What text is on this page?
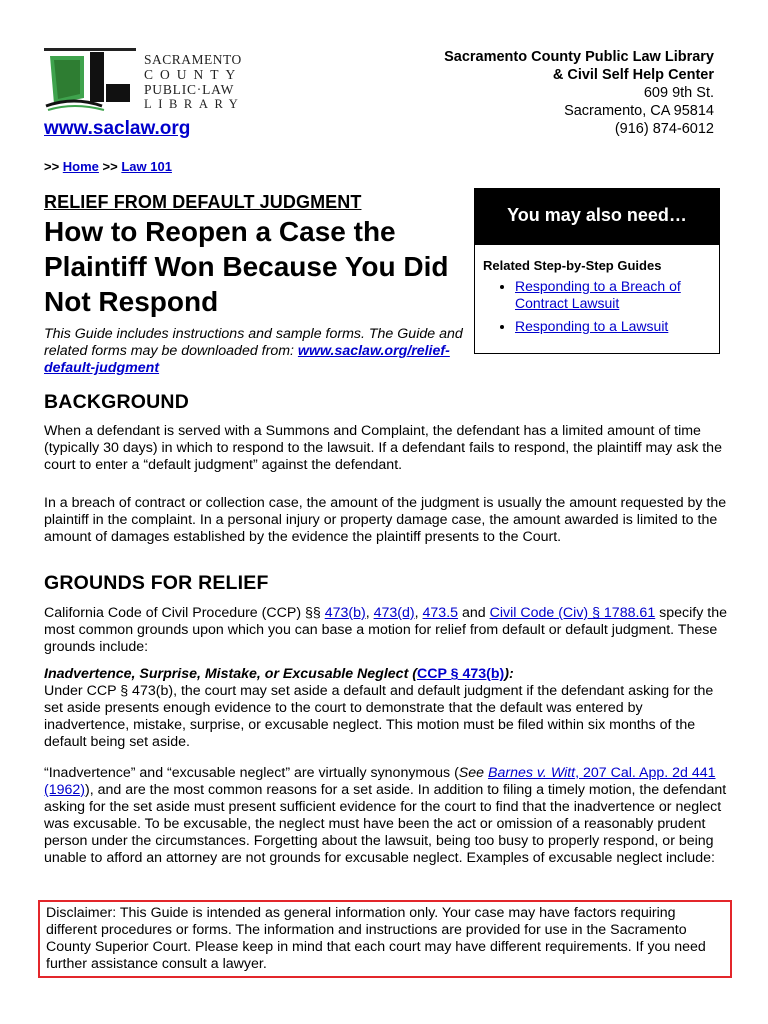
SACRAMENTO
COUNTY
PUBLIC·LAW
LIBRARY
www.saclaw.org
Sacramento County Public Law Library
& Civil Self Help Center
609 9th St.
Sacramento, CA 95814
(916) 874-6012
>> Home >> Law 101
RELIEF FROM DEFAULT JUDGMENT
How to Reopen a Case the Plaintiff Won Because You Did Not Respond
This Guide includes instructions and sample forms. The Guide and related forms may be downloaded from: www.saclaw.org/relief-default-judgment
You may also need…
Related Step-by-Step Guides
• Responding to a Breach of Contract Lawsuit
• Responding to a Lawsuit
BACKGROUND

When a defendant is served with a Summons and Complaint, the defendant has a limited amount of time (typically 30 days) in which to respond to the lawsuit. If a defendant fails to respond, the plaintiff may ask the court to enter a “default judgment” against the defendant.

In a breach of contract or collection case, the amount of the judgment is usually the amount requested by the plaintiff in the complaint. In a personal injury or property damage case, the amount awarded is limited to the amount of damages established by the evidence the plaintiff presents to the Court.

GROUNDS FOR RELIEF

California Code of Civil Procedure (CCP) §§ 473(b), 473(d), 473.5 and Civil Code (Civ) § 1788.61 specify the most common grounds upon which you can base a motion for relief from default or default judgment. These grounds include:

Inadvertence, Surprise, Mistake, or Excusable Neglect (CCP § 473(b)):
Under CCP § 473(b), the court may set aside a default and default judgment if the defendant asking for the set aside presents enough evidence to the court to demonstrate that the default was entered by inadvertence, mistake, surprise, or excusable neglect. This motion must be filed within six months of the default being set aside.

“Inadvertence” and “excusable neglect” are virtually synonymous (See Barnes v. Witt, 207 Cal. App. 2d 441 (1962)), and are the most common reasons for a set aside. In addition to filing a timely motion, the defendant asking for the set aside must present sufficient evidence for the court to find that the inadvertence or neglect was excusable. To be excusable, the neglect must have been the act or omission of a reasonably prudent person under the circumstances. Forgetting about the lawsuit, being too busy to properly respond, or being unable to afford an attorney are not grounds for excusable neglect. Examples of excusable neglect include:

Disclaimer: This Guide is intended as general information only. Your case may have factors requiring different procedures or forms. The information and instructions are provided for use in the Sacramento County Superior Court. Please keep in mind that each court may have different requirements. If you need further assistance consult a lawyer.
